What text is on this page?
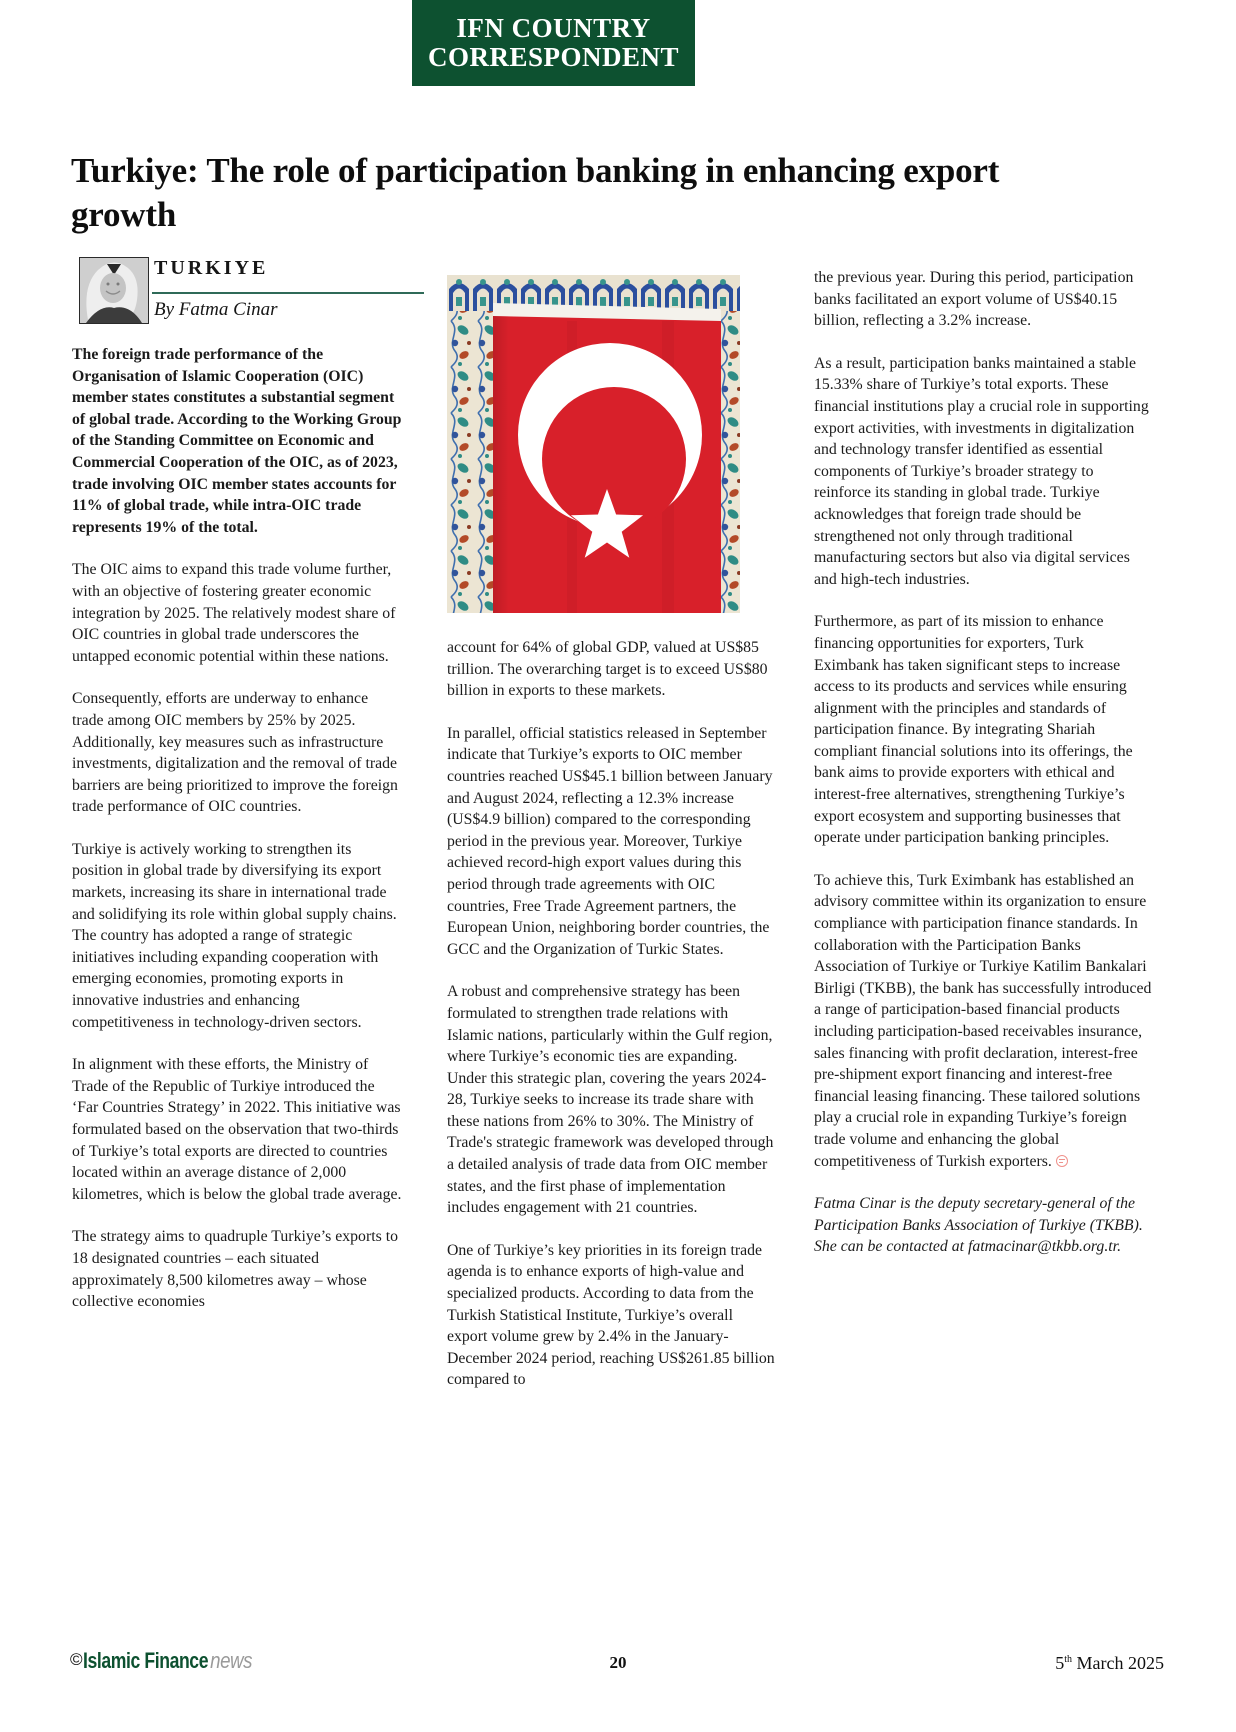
IFN COUNTRY
CORRESPONDENT
Turkiye: The role of participation banking in enhancing export growth
TURKIYE
By Fatma Cinar

The foreign trade performance of the Organisation of Islamic Cooperation (OIC) member states constitutes a substantial segment of global trade. According to the Working Group of the Standing Committee on Economic and Commercial Cooperation of the OIC, as of 2023, trade involving OIC member states accounts for 11% of global trade, while intra-OIC trade represents 19% of the total.

The OIC aims to expand this trade volume further, with an objective of fostering greater economic integration by 2025. The relatively modest share of OIC countries in global trade underscores the untapped economic potential within these nations.

Consequently, efforts are underway to enhance trade among OIC members by 25% by 2025. Additionally, key measures such as infrastructure investments, digitalization and the removal of trade barriers are being prioritized to improve the foreign trade performance of OIC countries.

Turkiye is actively working to strengthen its position in global trade by diversifying its export markets, increasing its share in international trade and solidifying its role within global supply chains. The country has adopted a range of strategic initiatives including expanding cooperation with emerging economies, promoting exports in innovative industries and enhancing competitiveness in technology-driven sectors.

In alignment with these efforts, the Ministry of Trade of the Republic of Turkiye introduced the ‘Far Countries Strategy’ in 2022. This initiative was formulated based on the observation that two-thirds of Turkiye’s total exports are directed to countries located within an average distance of 2,000 kilometres, which is below the global trade average.

The strategy aims to quadruple Turkiye’s exports to 18 designated countries – each situated approximately 8,500 kilometres away – whose collective economies

account for 64% of global GDP, valued at US$85 trillion. The overarching target is to exceed US$80 billion in exports to these markets.

In parallel, official statistics released in September indicate that Turkiye’s exports to OIC member countries reached US$45.1 billion between January and August 2024, reflecting a 12.3% increase (US$4.9 billion) compared to the corresponding period in the previous year. Moreover, Turkiye achieved record-high export values during this period through trade agreements with OIC countries, Free Trade Agreement partners, the European Union, neighboring border countries, the GCC and the Organization of Turkic States.

A robust and comprehensive strategy has been formulated to strengthen trade relations with Islamic nations, particularly within the Gulf region, where Turkiye’s economic ties are expanding. Under this strategic plan, covering the years 2024-28, Turkiye seeks to increase its trade share with these nations from 26% to 30%. The Ministry of Trade's strategic framework was developed through a detailed analysis of trade data from OIC member states, and the first phase of implementation includes engagement with 21 countries.

One of Turkiye’s key priorities in its foreign trade agenda is to enhance exports of high-value and specialized products. According to data from the Turkish Statistical Institute, Turkiye’s overall export volume grew by 2.4% in the January-December 2024 period, reaching US$261.85 billion compared to

the previous year. During this period, participation banks facilitated an export volume of US$40.15 billion, reflecting a 3.2% increase.

As a result, participation banks maintained a stable 15.33% share of Turkiye’s total exports. These financial institutions play a crucial role in supporting export activities, with investments in digitalization and technology transfer identified as essential components of Turkiye’s broader strategy to reinforce its standing in global trade. Turkiye acknowledges that foreign trade should be strengthened not only through traditional manufacturing sectors but also via digital services and high-tech industries.

Furthermore, as part of its mission to enhance financing opportunities for exporters, Turk Eximbank has taken significant steps to increase access to its products and services while ensuring alignment with the principles and standards of participation finance. By integrating Shariah compliant financial solutions into its offerings, the bank aims to provide exporters with ethical and interest-free alternatives, strengthening Turkiye’s export ecosystem and supporting businesses that operate under participation banking principles.

To achieve this, Turk Eximbank has established an advisory committee within its organization to ensure compliance with participation finance standards. In collaboration with the Participation Banks Association of Turkiye or Turkiye Katilim Bankalari Birligi (TKBB), the bank has successfully introduced a range of participation-based financial products including participation-based receivables insurance, sales financing with profit declaration, interest-free pre-shipment export financing and interest-free financial leasing financing. These tailored solutions play a crucial role in expanding Turkiye’s foreign trade volume and enhancing the global competitiveness of Turkish exporters.

Fatma Cinar is the deputy secretary-general of the Participation Banks Association of Turkiye (TKBB). She can be contacted at fatmacinar@tkbb.org.tr.

©Islamic Finance news	20	5th March 2025
